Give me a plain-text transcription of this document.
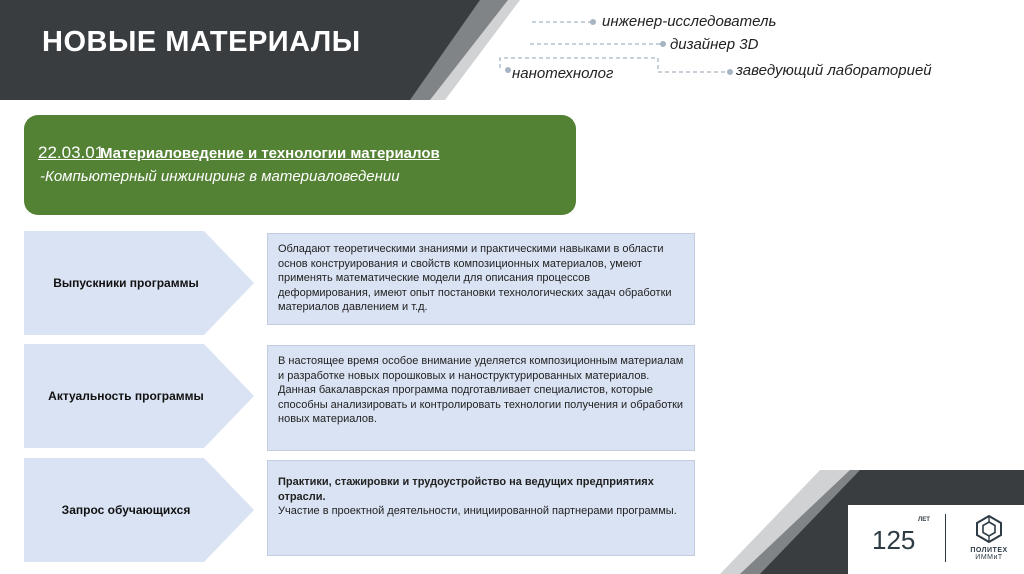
НОВЫЕ МАТЕРИАЛЫ
инженер-исследователь
дизайнер 3D
нанотехнолог	заведующий лабораторией
22.03.01
Материаловедение и технологии материалов
-Компьютерный инжиниринг в материаловедении
Выпускники программы
Обладают теоретическими знаниями и практическими навыками в области основ конструирования и свойств композиционных материалов, умеют применять математические модели для описания процессов деформирования, имеют опыт постановки технологических задач обработки материалов давлением и т.д.
Актуальность программы
В настоящее время особое внимание уделяется композиционным материалам и разработке новых порошковых и наноструктурированных материалов. Данная бакалаврская программа подготавливает специалистов, которые способны анализировать и контролировать технологии получения и обработки новых материалов.
Запрос обучающихся
Практики, стажировки и трудоустройство на ведущих предприятиях отрасли.
Участие в проектной деятельности, инициированной партнерами программы.
125
ЛЕТ
ПОЛИТЕХ
ИММиТ
